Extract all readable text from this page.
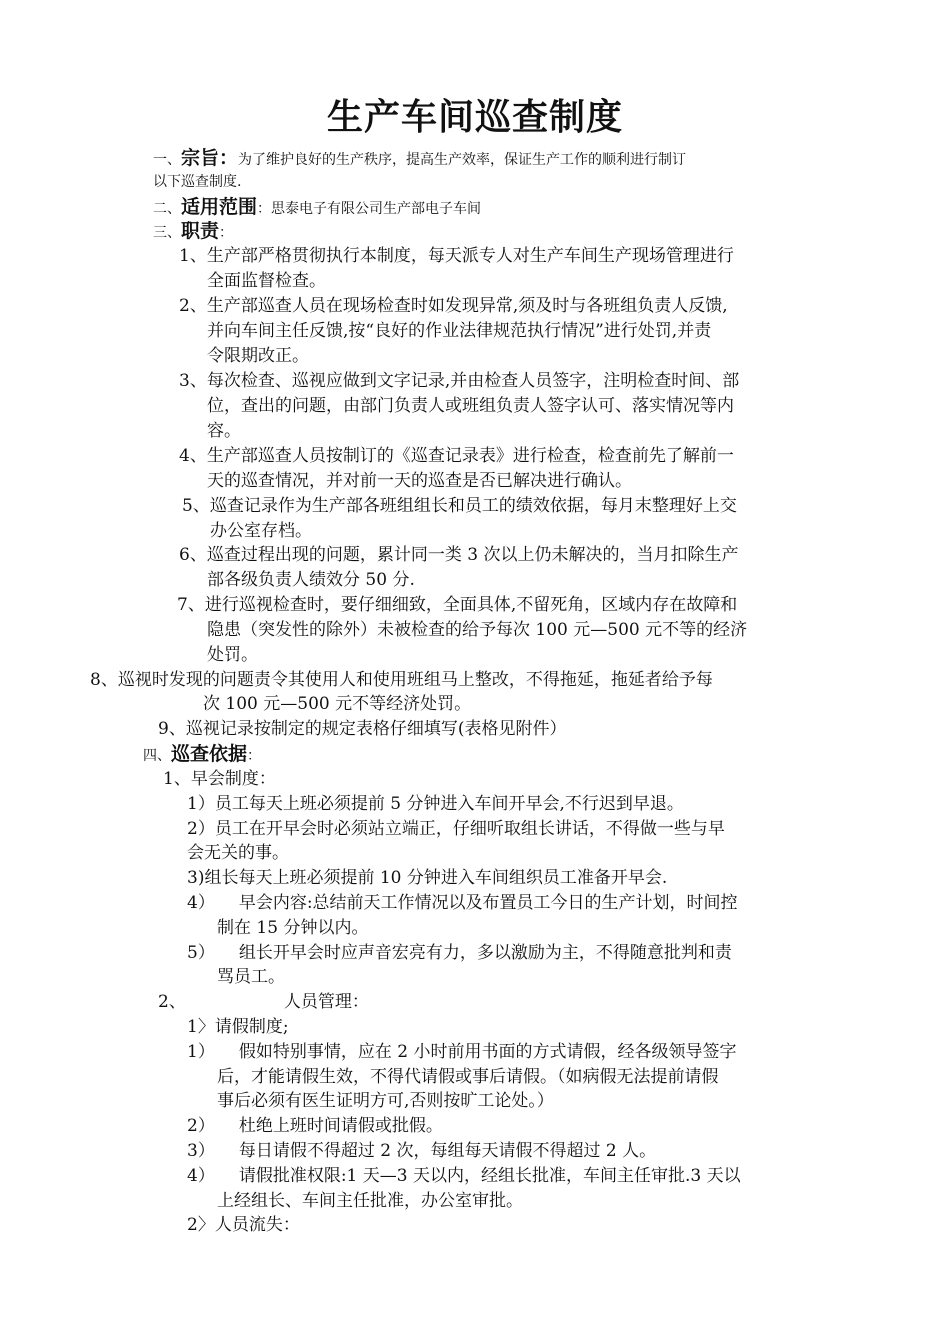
生产车间巡查制度
一、宗旨：为了维护良好的生产秩序，提高生产效率，保证生产工作的顺利进行制订
以下巡查制度.
二、适用范围：思泰电子有限公司生产部电子车间
三、职责：
1、生产部严格贯彻执行本制度，每天派专人对生产车间生产现场管理进行
全面监督检查。
2、生产部巡查人员在现场检查时如发现异常,须及时与各班组负责人反馈,
并向车间主任反馈,按“良好的作业法律规范执行情况”进行处罚,并责
令限期改正。
3、每次检查、巡视应做到文字记录,并由检查人员签字，注明检查时间、部
位，查出的问题，由部门负责人或班组负责人签字认可、落实情况等内
容。
4、生产部巡查人员按制订的《巡查记录表》进行检查，检查前先了解前一
天的巡查情况，并对前一天的巡查是否已解决进行确认。
5、巡查记录作为生产部各班组组长和员工的绩效依据，每月末整理好上交
办公室存档。
6、巡查过程出现的问题，累计同一类 3 次以上仍未解决的，当月扣除生产
部各级负责人绩效分 50 分.
7、进行巡视检查时，要仔细细致，全面具体,不留死角，区域内存在故障和
隐患（突发性的除外）未被检查的给予每次 100 元—500 元不等的经济
处罚。
8、巡视时发现的问题责令其使用人和使用班组马上整改，不得拖延，拖延者给予每
次 100 元—500 元不等经济处罚。
9、巡视记录按制定的规定表格仔细填写(表格见附件）
四、巡查依据：
1、早会制度：
1）员工每天上班必须提前 5 分钟进入车间开早会,不行迟到早退。
2）员工在开早会时必须站立端正，仔细听取组长讲话，不得做一些与早
会无关的事。
3)组长每天上班必须提前 10 分钟进入车间组织员工准备开早会.
4） 早会内容:总结前天工作情况以及布置员工今日的生产计划，时间控
制在 15 分钟以内。
5） 组长开早会时应声音宏亮有力，多以激励为主，不得随意批判和责
骂员工。
2、	人员管理：
1〉请假制度;
1） 假如特别事情，应在 2 小时前用书面的方式请假，经各级领导签字
后，才能请假生效，不得代请假或事后请假。（如病假无法提前请假
事后必须有医生证明方可,否则按旷工论处。）
2） 杜绝上班时间请假或批假。
3） 每日请假不得超过 2 次，每组每天请假不得超过 2 人。
4） 请假批准权限:1 天—3 天以内，经组长批准，车间主任审批.3 天以
上经组长、车间主任批准，办公室审批。
2〉人员流失：
